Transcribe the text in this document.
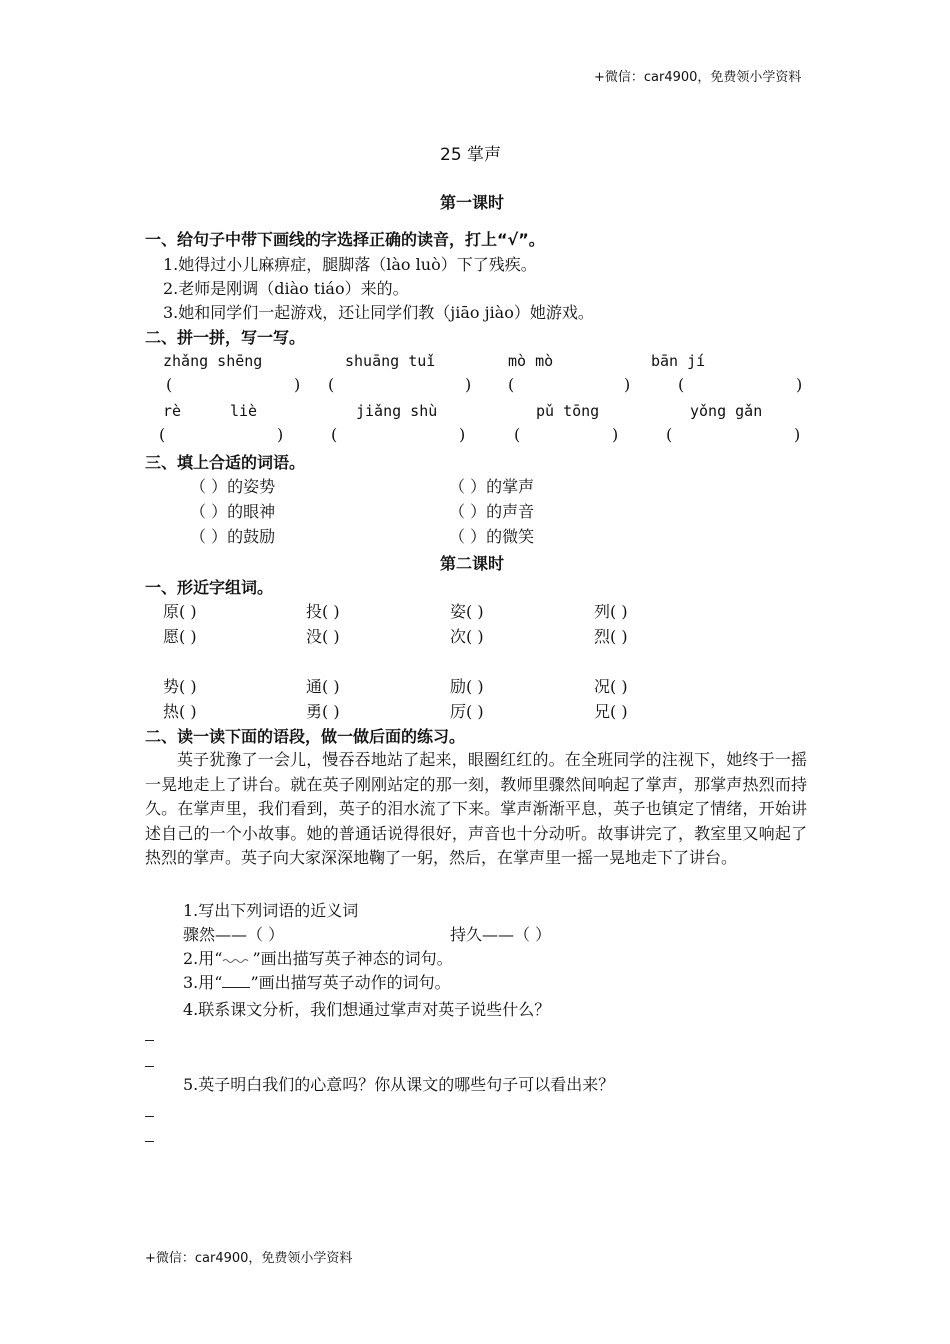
+微信：car4900，免费领小学资料
+微信：car4900，免费领小学资料
25 掌声
第一课时
一、给句子中带下画线的字选择正确的读音，打上“√”。
1.她得过小儿麻痹症，腿脚落（lào luò）下了残疾。
2.老师是刚调（diào tiáo）来的。
3.她和同学们一起游戏，还让同学们教（jiāo jiào）她游戏。
二、拼一拼，写一写。
zhǎng shēng	shuāng tuǐ	mò mò	bān jí
(	) (	) (	)	(	)
rè	liè	jiǎng shù	pǔ tōng	yǒng gǎn
(	)	(	)	(	)	(	)
三、填上合适的词语。
（ ）的姿势	（ ）的掌声
（ ）的眼神	（ ）的声音
（ ）的鼓励	（ ）的微笑
第二课时
一、形近字组词。
原( )	投( )	姿( )	列( )
愿( )	没( )	次( )	烈( )
势( )	通( )	励( )	况( )
热( )	勇( )	厉( )	兄( )
二、读一读下面的语段，做一做后面的练习。
英子犹豫了一会儿，慢吞吞地站了起来，眼圈红红的。在全班同学的注视下，她终于一摇一晃地走上了讲台。就在英子刚刚站定的那一刻，教师里骤然间响起了掌声，那掌声热烈而持久。在掌声里，我们看到，英子的泪水流了下来。掌声渐渐平息，英子也镇定了情绪，开始讲述自己的一个小故事。她的普通话说得很好，声音也十分动听。故事讲完了，教室里又响起了热烈的掌声。英子向大家深深地鞠了一躬，然后，在掌声里一摇一晃地走下了讲台。
1.写出下列词语的近义词
骤然——（ ）	持久——（ ）
2.用“ ”画出描写英子神态的词句。
3.用“ ”画出描写英子动作的词句。
4.联系课文分析，我们想通过掌声对英子说些什么？
5.英子明白我们的心意吗？你从课文的哪些句子可以看出来？
